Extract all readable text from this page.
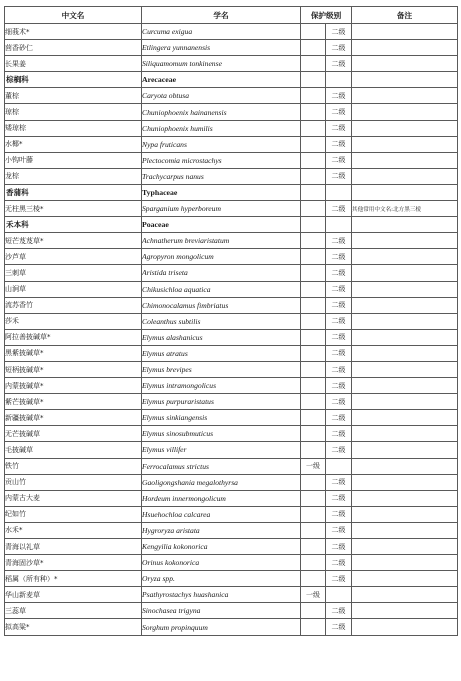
中文名	学名	保护级别		备注
细莪术*	Curcuma exigua		二级	
茴香砂仁	Etlingera yunnanensis		二级	
长果姜	Siliquamomum tonkinense		二级	
棕榈科	Arecaceae			
董棕	Caryota obtusa		二级	
琼棕	Chuniophoenix hainanensis		二级	
矮琼棕	Chuniophoenix humilis		二级	
水椰*	Nypa fruticans		二级	
小钩叶藤	Plectocomia microstachys		二级	
龙棕	Trachycarpus nanus		二级	
香蒲科	Typhaceae			
无柱黑三棱*	Sparganium hyperboreum		二级	其他常用中文名:北方黑三棱
禾本科	Poaceae			
短芒芨芨草*	Achnatherum breviaristatum		二级	
沙芦草	Agropyron mongolicum		二级	
三刺草	Aristida triseta		二级	
山涧草	Chikusichloa aquatica		二级	
流苏香竹	Chimonocalamus fimbriatus		二级	
莎禾	Coleanthus subtilis		二级	
阿拉善披碱草*	Elymus alashanicus		二级	
黑紫披碱草*	Elymus atratus		二级	
短柄披碱草*	Elymus brevipes		二级	
内蒙披碱草*	Elymus intramongolicus		二级	
紫芒披碱草*	Elymus purpuraristatus		二级	
新疆披碱草*	Elymus sinkiangensis		二级	
无芒披碱草	Elymus sinosubmuticus		二级	
毛披碱草	Elymus villifer		二级	
铁竹	Ferrocalamus strictus	一级		
贡山竹	Gaoligongshania megalothyrsa		二级	
内蒙古大麦	Hordeum innermongolicum		二级	
纪如竹	Hsuehochloa calcarea		二级	
水禾*	Hygroryza aristata		二级	
青海以礼草	Kengyilia kokonorica		二级	
青海固沙草*	Orinus kokonorica		二级	
稻属（所有种）*	Oryza spp.		二级	
华山新麦草	Psathyrostachys huashanica	一级		
三蕊草	Sinochasea trigyna		二级	
拟高粱*	Sorghum propinquum		二级	
